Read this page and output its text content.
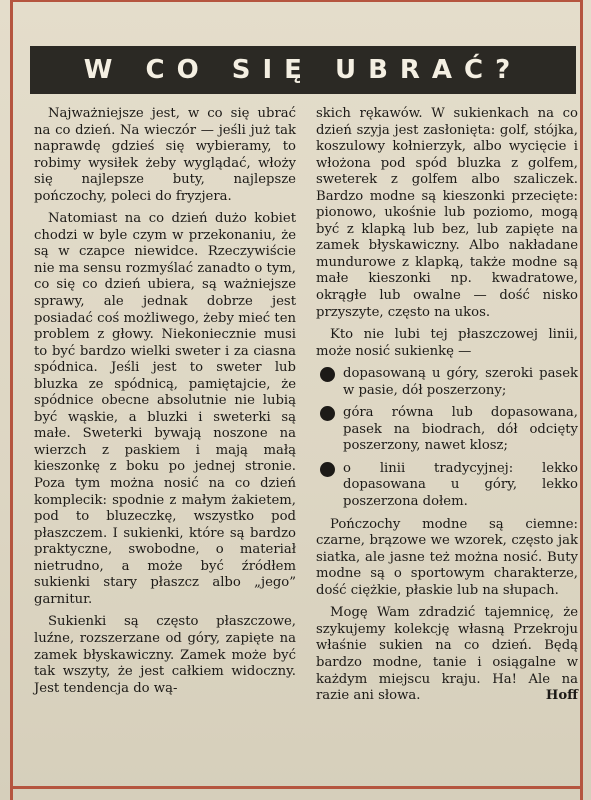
W CO SIĘ UBRAĆ?

Najważniejsze jest, w co się ubrać na co dzień. Na wieczór — jeśli już tak naprawdę gdzieś się wybieramy, to robimy wysiłek żeby wyglądać, włoży się najlepsze buty, najlepsze pończochy, poleci do fryzjera.

Natomiast na co dzień dużo kobiet chodzi w byle czym w przekonaniu, że są w czapce niewidce. Rzeczywiście nie ma sensu rozmyślać zanadto o tym, co się co dzień ubiera, są ważniejsze sprawy, ale jednak dobrze jest posiadać coś możliwego, żeby mieć ten problem z głowy. Niekoniecznie musi to być bardzo wielki sweter i za ciasna spódnica. Jeśli jest to sweter lub bluzka ze spódnicą, pamiętajcie, że spódnice obecne absolutnie nie lubią być wąskie, a bluzki i sweterki są małe. Sweterki bywają noszone na wierzch z paskiem i mają małą kieszonkę z boku po jednej stronie. Poza tym można nosić na co dzień komplecik: spodnie z małym żakietem, pod to bluzeczkę, wszystko pod płaszczem. I sukienki, które są bardzo praktyczne, swobodne, o materiał nietrudno, a może być źródłem sukienki stary płaszcz albo „jego” garnitur.

Sukienki są często płaszczowe, luźne, rozszerzane od góry, zapięte na zamek błyskawiczny. Zamek może być tak wszyty, że jest całkiem widoczny. Jest tendencja do wą-

skich rękawów. W sukienkach na co dzień szyja jest zasłonięta: golf, stójka, koszulowy kołnierzyk, albo wycięcie i włożona pod spód bluzka z golfem, sweterek z golfem albo szaliczek. Bardzo modne są kieszonki przecięte: pionowo, ukośnie lub poziomo, mogą być z klapką lub bez, lub zapięte na zamek błyskawiczny. Albo nakładane mundurowe z klapką, także modne są małe kieszonki np. kwadratowe, okrągłe lub owalne — dość nisko przyszyte, często na ukos.

Kto nie lubi tej płaszczowej linii, może nosić sukienkę —

dopasowaną u góry, szeroki pasek w pasie, dół poszerzony;
góra równa lub dopasowana, pasek na biodrach, dół odcięty poszerzony, nawet klosz;
o linii tradycyjnej: lekko dopasowana u góry, lekko poszerzona dołem.

Pończochy modne są ciemne: czarne, brązowe we wzorek, często jak siatka, ale jasne też można nosić. Buty modne są o sportowym charakterze, dość ciężkie, płaskie lub na słupach.

Mogę Wam zdradzić tajemnicę, że szykujemy kolekcję własną Przekroju właśnie sukien na co dzień. Będą bardzo modne, tanie i osiągalne w każdym miejscu kraju. Ha! Ale na razie ani słowa.	Hoff
